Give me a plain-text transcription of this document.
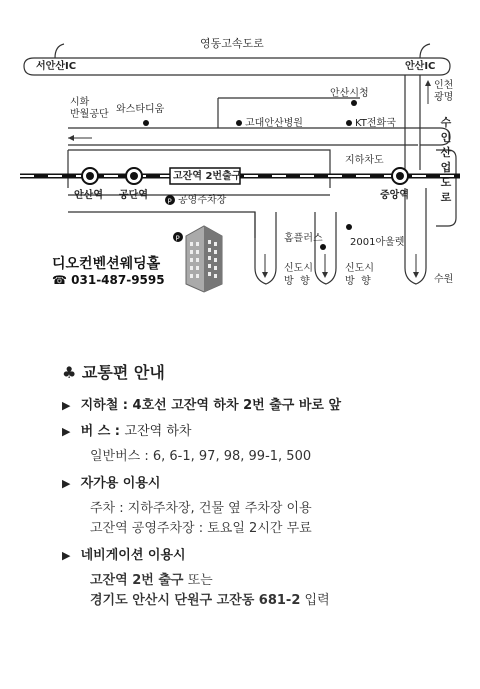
P
P
영동고속도로
서안산IC	안산IC
시화
반월공단 와스타디움
고대안산병원
안산시청
KT전화국
인천
광명
수인산업도로
지하차도
고잔역 2번출구
안산역 공단역	중앙역
공영주차장
홈플러스	2001아울렛
신도시
방  향
신도시
방  향	수원
디오컨벤션웨딩홀
☎ 031-487-9595
♣ 교통편 안내
▶ 지하철 : 4호선 고잔역 하차 2번 출구 바로 앞
▶ 버 스 : 고잔역 하차
일반버스 : 6, 6-1, 97, 98, 99-1, 500
▶ 자가용 이용시
주차 : 지하주차장, 건물 옆 주차장 이용
고잔역 공영주차장 : 토요일 2시간 무료
▶ 네비게이션 이용시
고잔역 2번 출구 또는
경기도 안산시 단원구 고잔동 681-2 입력
